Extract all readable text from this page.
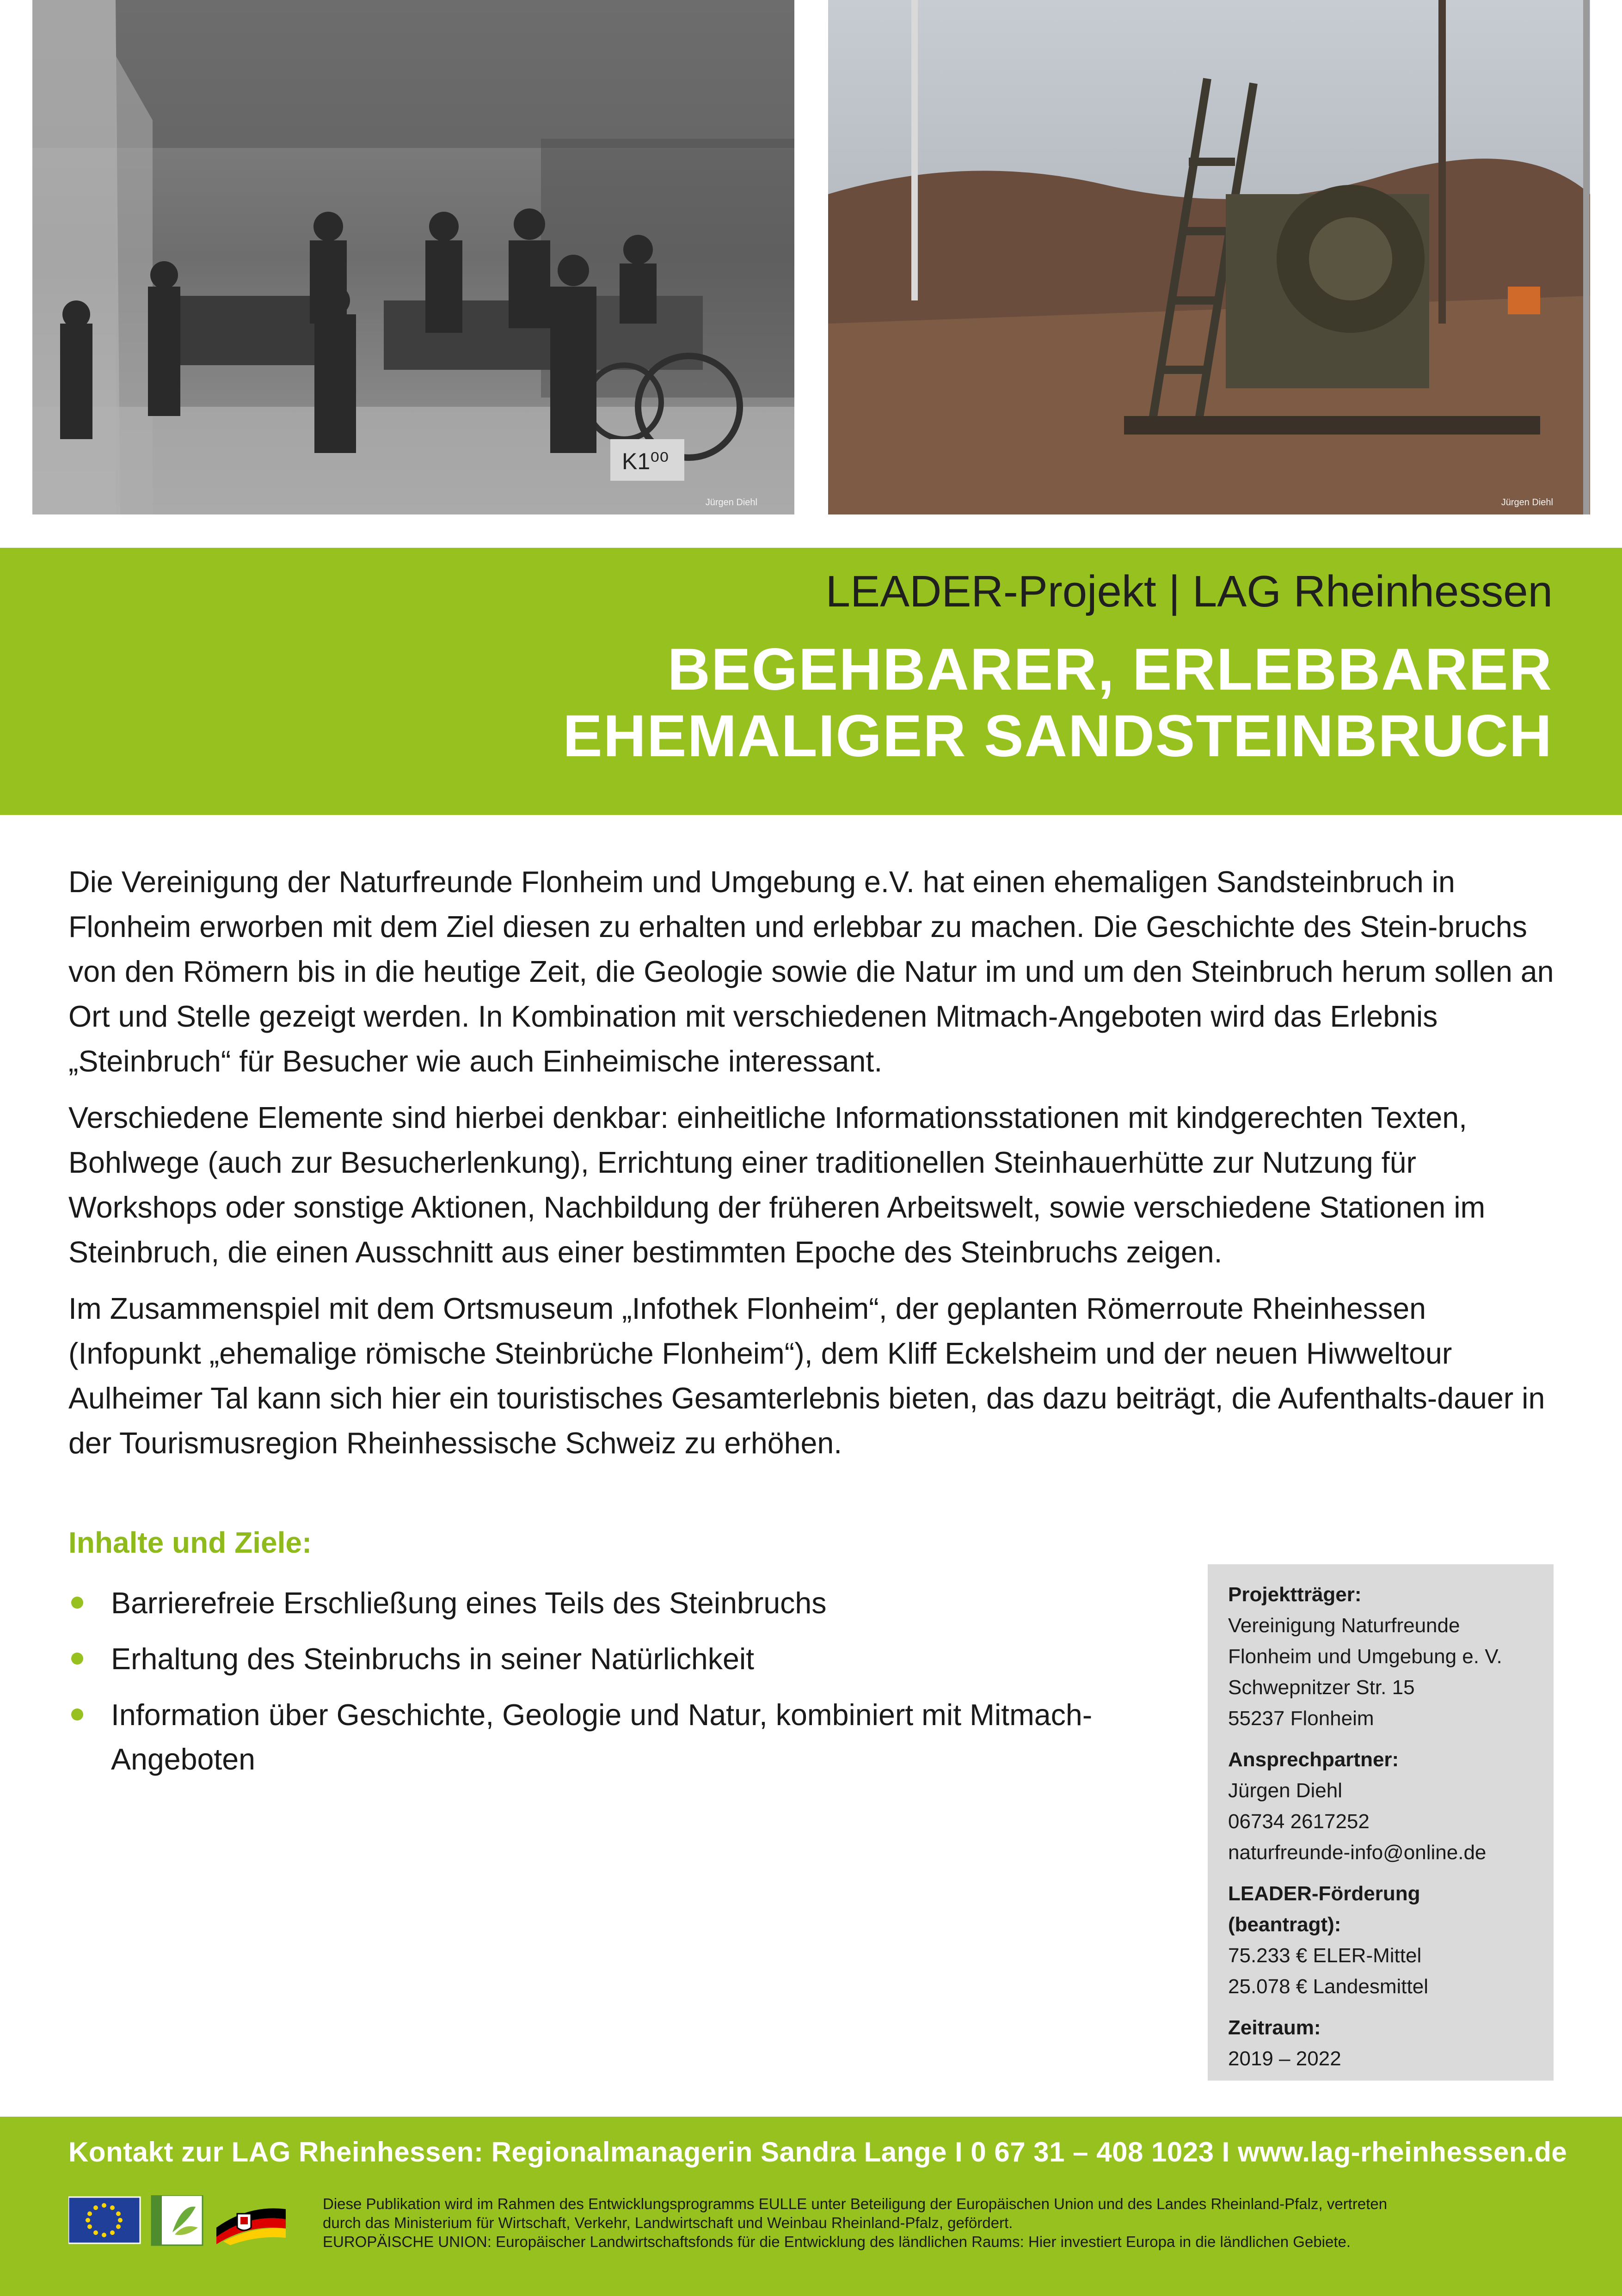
K1⁰⁰
Jürgen Diehl	Jürgen Diehl
LEADER-Projekt | LAG Rheinhessen
BEGEHBARER, ERLEBBARER
EHEMALIGER SANDSTEINBRUCH

Die Vereinigung der Naturfreunde Flonheim und Umgebung e.V. hat einen ehemaligen Sandsteinbruch in Flonheim erworben mit dem Ziel diesen zu erhalten und erlebbar zu machen. Die Geschichte des Stein-bruchs von den Römern bis in die heutige Zeit, die Geologie sowie die Natur im und um den Steinbruch herum sollen an Ort und Stelle gezeigt werden. In Kombination mit verschiedenen Mitmach-Angeboten wird das Erlebnis „Steinbruch“ für Besucher wie auch Einheimische interessant.

Verschiedene Elemente sind hierbei denkbar: einheitliche Informationsstationen mit kindgerechten Texten, Bohlwege (auch zur Besucherlenkung), Errichtung einer traditionellen Steinhauerhütte zur Nutzung für Workshops oder sonstige Aktionen, Nachbildung der früheren Arbeitswelt, sowie verschiedene Stationen im Steinbruch, die einen Ausschnitt aus einer bestimmten Epoche des Steinbruchs zeigen.

Im Zusammenspiel mit dem Ortsmuseum „Infothek Flonheim“, der geplanten Römerroute Rheinhessen (Infopunkt „ehemalige römische Steinbrüche Flonheim“), dem Kliff Eckelsheim und der neuen Hiwweltour Aulheimer Tal kann sich hier ein touristisches Gesamterlebnis bieten, das dazu beiträgt, die Aufenthalts-dauer in der Tourismusregion Rheinhessische Schweiz zu erhöhen.

Inhalte und Ziele:
Barrierefreie Erschließung eines Teils des Steinbruchs
Erhaltung des Steinbruchs in seiner Natürlichkeit
Information über Geschichte, Geologie und Natur, kombiniert mit Mitmach-Angeboten
Projektträger:
Vereinigung Naturfreunde
Flonheim und Umgebung e. V.
Schwepnitzer Str. 15
55237 Flonheim
Ansprechpartner:
Jürgen Diehl
06734 2617252
naturfreunde-info@online.de
LEADER-Förderung (beantragt):
75.233 € ELER-Mittel
25.078 € Landesmittel
Zeitraum:
2019 – 2022
Kontakt zur LAG Rheinhessen: Regionalmanagerin Sandra Lange I 0 67 31 – 408 1023 I www.lag-rheinhessen.de
LEADER	Diese Publikation wird im Rahmen des Entwicklungsprogramms EULLE unter Beteiligung der Europäischen Union und des Landes Rheinland-Pfalz, vertreten
durch das Ministerium für Wirtschaft, Verkehr, Landwirtschaft und Weinbau Rheinland-Pfalz, gefördert.
EUROPÄISCHE UNION: Europäischer Landwirtschaftsfonds für die Entwicklung des ländlichen Raums: Hier investiert Europa in die ländlichen Gebiete.
